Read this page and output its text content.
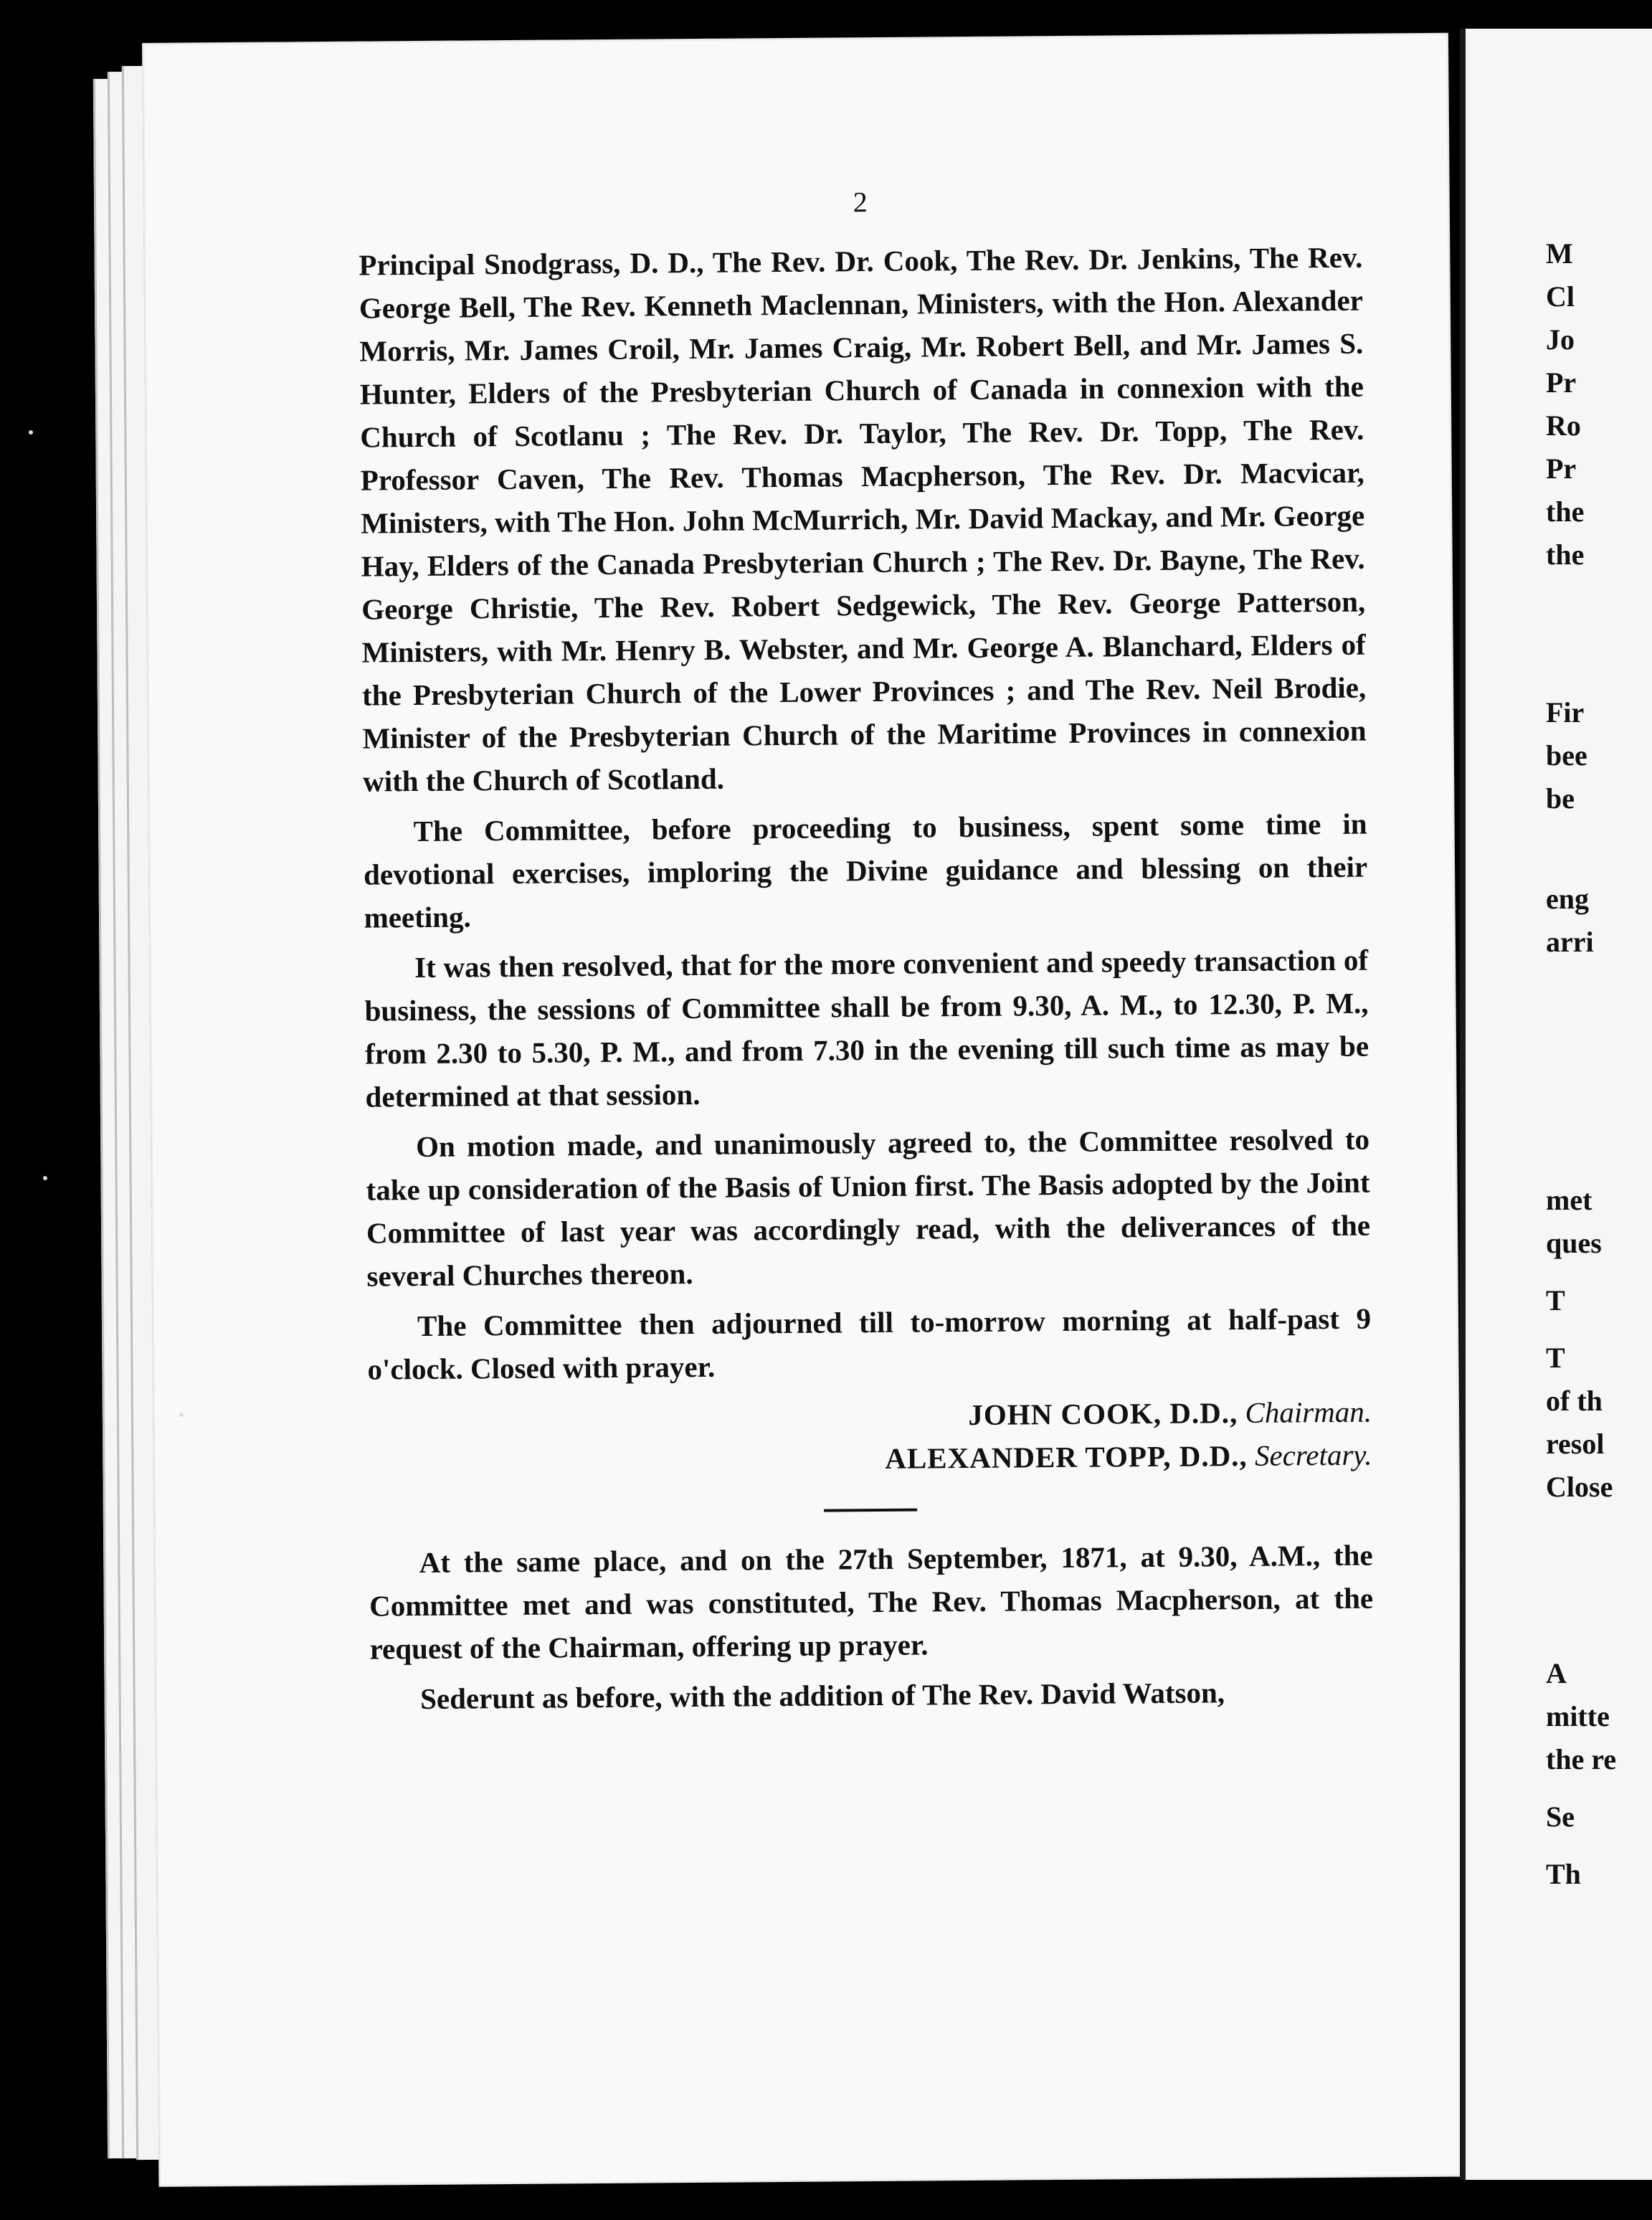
2

Principal Snodgrass, D. D., The Rev. Dr. Cook, The Rev. Dr. Jenkins, The Rev. George Bell, The Rev. Kenneth Maclennan, Ministers, with the Hon. Alexander Morris, Mr. James Croil, Mr. James Craig, Mr. Robert Bell, and Mr. James S. Hunter, Elders of the Presbyterian Church of Canada in connexion with the Church of Scotlanu ; The Rev. Dr. Taylor, The Rev. Dr. Topp, The Rev. Professor Caven, The Rev. Thomas Macpherson, The Rev. Dr. Macvicar, Ministers, with The Hon. John McMurrich, Mr. David Mackay, and Mr. George Hay, Elders of the Canada Presbyterian Church ; The Rev. Dr. Bayne, The Rev. George Christie, The Rev. Robert Sedgewick, The Rev. George Patterson, Ministers, with Mr. Henry B. Webster, and Mr. George A. Blanchard, Elders of the Presbyterian Church of the Lower Provinces ; and The Rev. Neil Brodie, Minister of the Presbyterian Church of the Maritime Provinces in connexion with the Church of Scotland.

The Committee, before proceeding to business, spent some time in devotional exercises, imploring the Divine guidance and blessing on their meeting.

It was then resolved, that for the more convenient and speedy transaction of business, the sessions of Committee shall be from 9.30, A. M., to 12.30, P. M., from 2.30 to 5.30, P. M., and from 7.30 in the evening till such time as may be determined at that session.

On motion made, and unanimously agreed to, the Committee resolved to take up consideration of the Basis of Union first. The Basis adopted by the Joint Committee of last year was accordingly read, with the deliverances of the several Churches thereon.

The Committee then adjourned till to-morrow morning at half-past 9 o'clock. Closed with prayer.

JOHN COOK, D.D., Chairman.
ALEXANDER TOPP, D.D., Secretary.

At the same place, and on the 27th September, 1871, at 9.30, A.M., the Committee met and was constituted, The Rev. Thomas Macpherson, at the request of the Chairman, offering up prayer.

Sederunt as before, with the addition of The Rev. David Watson,

M
Cl
Jo
Pr
Ro
Pr
the
the
Fir
bee
be
eng
arri
met
ques
T
T
of th
resol
Close
A
mitte
the re
Se
Th
